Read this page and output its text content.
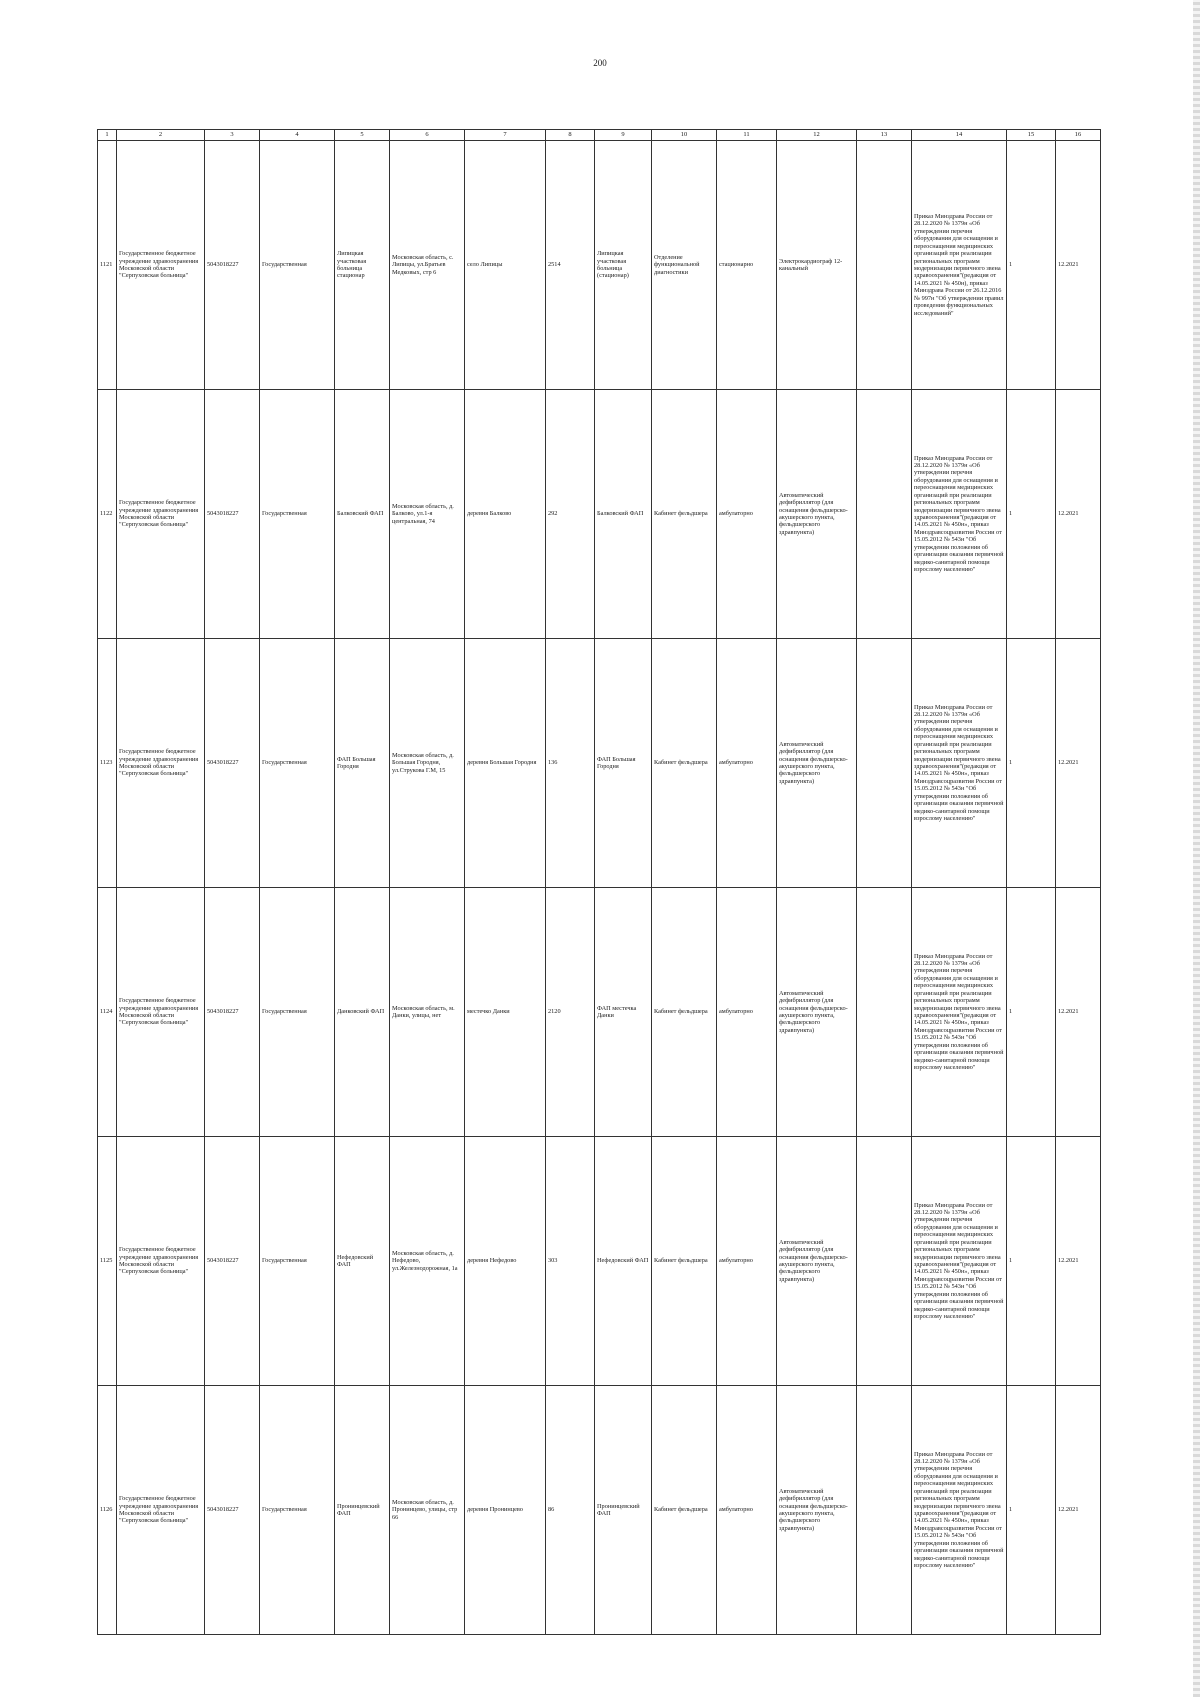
200
1	2	3	4	5	6	7	8	9	10	11	12	13	14	15	16
1121	Государственное бюджетное учреждение здравоохранения Московской области "Серпуховская больница"	5043018227	Государственная	Липицкая участковая больница стационар	Московская область, с. Липицы, ул.Братьев Медковых, стр 6	село Липицы	2514	Липицкая участковая больница (стационар)	Отделение функциональной диагностики	стационарно	Электрокардиограф 12-канальный		Приказ Минздрава России от 28.12.2020 № 1379н «Об утверждении перечня оборудования для оснащения и переоснащения медицинских организаций при реализации региональных программ модернизации первичного звена здравоохранения"(редакция от 14.05.2021 № 450н), приказ Минздрава России от 26.12.2016 № 997н "Об утверждении правил проведения функциональных исследований"	1	12.2021
1122	Государственное бюджетное учреждение здравоохранения Московской области "Серпуховская больница"	5043018227	Государственная	Балковский ФАП	Московская область, д. Балково, ул.1-я центральная, 74	деревня Балково	292	Балковский ФАП	Кабинет фельдшера	амбулаторно	Автоматический дефибриллятор (для оснащения фельдшерско-акушерского пункта, фельдшерского здравпункта)		Приказ Минздрава России от 28.12.2020 № 1379н «Об утверждении перечня оборудования для оснащения и переоснащения медицинских организаций при реализации региональных программ модернизации первичного звена здравоохранения"(редакция от 14.05.2021 № 450н», приказ Минздравсоцразвития России от 15.05.2012 № 543н "Об утверждении положения об организации оказания первичной медико-санитарной помощи взрослому населению"	1	12.2021
1123	Государственное бюджетное учреждение здравоохранения Московской области "Серпуховская больница"	5043018227	Государственная	ФАП Большая Городня	Московская область, д. Большая Городня, ул.Струкова Г.М, 15	деревня Большая Городня	136	ФАП Большая Городня	Кабинет фельдшера	амбулаторно	Автоматический дефибриллятор (для оснащения фельдшерско-акушерского пункта, фельдшерского здравпункта)		Приказ Минздрава России от 28.12.2020 № 1379н «Об утверждении перечня оборудования для оснащения и переоснащения медицинских организаций при реализации региональных программ модернизации первичного звена здравоохранения"(редакция от 14.05.2021 № 450н», приказ Минздравсоцразвития России от 15.05.2012 № 543н "Об утверждении положения об организации оказания первичной медико-санитарной помощи взрослому населению"	1	12.2021
1124	Государственное бюджетное учреждение здравоохранения Московской области "Серпуховская больница"	5043018227	Государственная	Данковский ФАП	Московская область, м. Данки, улицы, нет	местечко Данки	2120	ФАП местечка Данки	Кабинет фельдшера	амбулаторно	Автоматический дефибриллятор (для оснащения фельдшерско-акушерского пункта, фельдшерского здравпункта)		Приказ Минздрава России от 28.12.2020 № 1379н «Об утверждении перечня оборудования для оснащения и переоснащения медицинских организаций при реализации региональных программ модернизации первичного звена здравоохранения"(редакция от 14.05.2021 № 450н», приказ Минздравсоцразвития России от 15.05.2012 № 543н "Об утверждении положения об организации оказания первичной медико-санитарной помощи взрослому населению"	1	12.2021
1125	Государственное бюджетное учреждение здравоохранения Московской области "Серпуховская больница"	5043018227	Государственная	Нефедовский ФАП	Московская область, д. Нефедово, ул.Железнодорожная, 1а	деревня Нефедово	303	Нефедовский ФАП	Кабинет фельдшера	амбулаторно	Автоматический дефибриллятор (для оснащения фельдшерско-акушерского пункта, фельдшерского здравпункта)		Приказ Минздрава России от 28.12.2020 № 1379н «Об утверждении перечня оборудования для оснащения и переоснащения медицинских организаций при реализации региональных программ модернизации первичного звена здравоохранения"(редакция от 14.05.2021 № 450н», приказ Минздравсоцразвития России от 15.05.2012 № 543н "Об утверждении положения об организации оказания первичной медико-санитарной помощи взрослому населению"	1	12.2021
1126	Государственное бюджетное учреждение здравоохранения Московской области "Серпуховская больница"	5043018227	Государственная	Пронинцевский ФАП	Московская область, д. Пронинцево, улицы, стр 66	деревня Пронинцево	86	Пронинцевский ФАП	Кабинет фельдшера	амбулаторно	Автоматический дефибриллятор (для оснащения фельдшерско-акушерского пункта, фельдшерского здравпункта)		Приказ Минздрава России от 28.12.2020 № 1379н «Об утверждении перечня оборудования для оснащения и переоснащения медицинских организаций при реализации региональных программ модернизации первичного звена здравоохранения"(редакция от 14.05.2021 № 450н», приказ Минздравсоцразвития России от 15.05.2012 № 543н "Об утверждении положения об организации оказания первичной медико-санитарной помощи взрослому населению"	1	12.2021
